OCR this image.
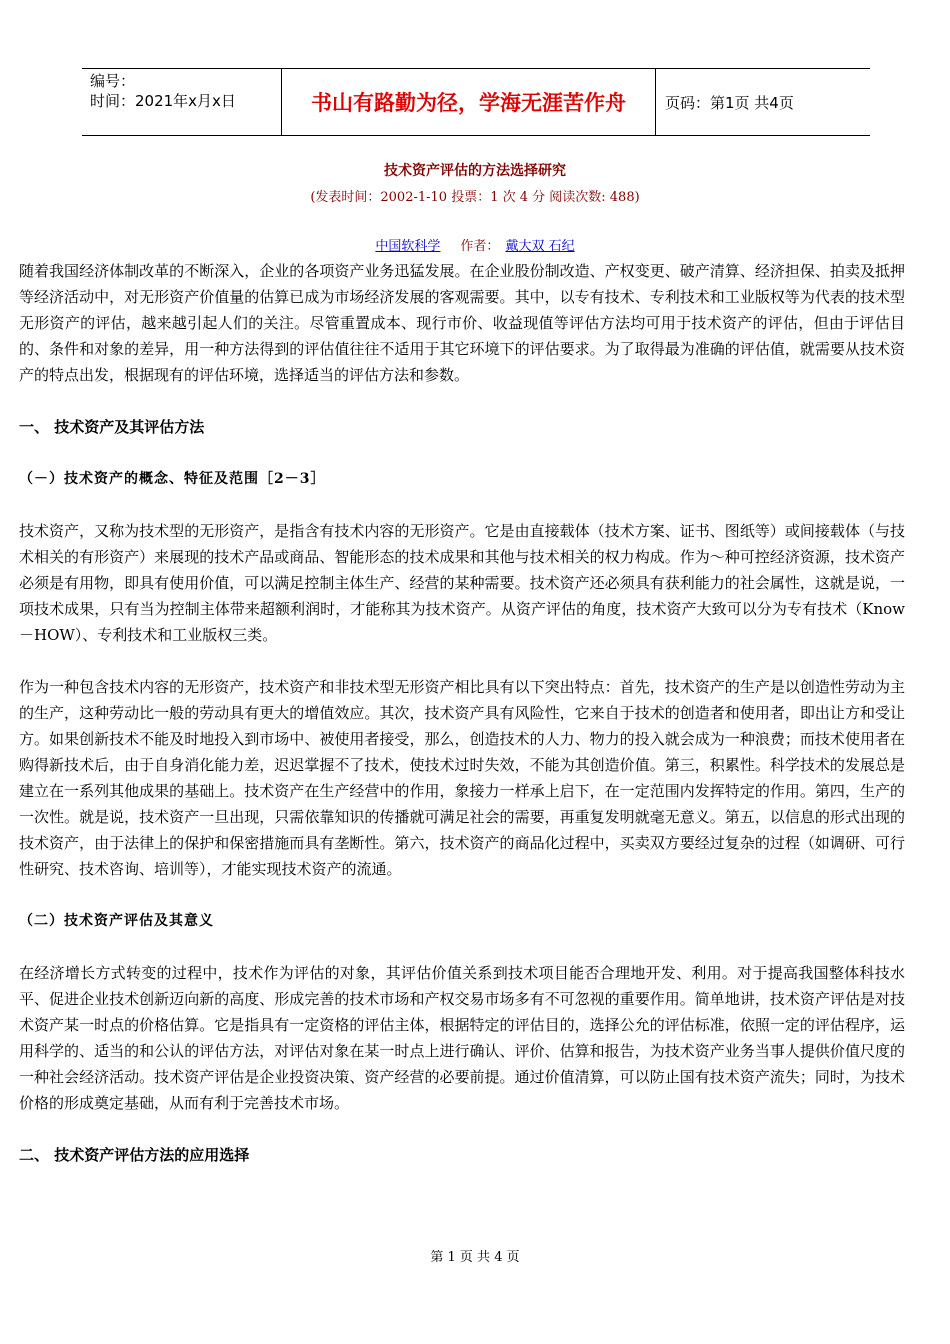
编号：
时间：2021年x月x日	书山有路勤为径，学海无涯苦作舟	页码：第1页 共4页
技术资产评估的方法选择研究
(发表时间：2002-1-10 投票：1 次 4 分 阅读次数: 488)
中国软科学 作者： 戴大双 石纪

随着我国经济体制改革的不断深入，企业的各项资产业务迅猛发展。在企业股份制改造、产权变更、破产清算、经济担保、拍卖及抵押等经济活动中，对无形资产价值量的估算已成为市场经济发展的客观需要。其中，以专有技术、专利技术和工业版权等为代表的技术型无形资产的评估，越来越引起人们的关注。尽管重置成本、现行市价、收益现值等评估方法均可用于技术资产的评估，但由于评估目的、条件和对象的差异，用一种方法得到的评估值往往不适用于其它环境下的评估要求。为了取得最为准确的评估值，就需要从技术资产的特点出发，根据现有的评估环境，选择适当的评估方法和参数。

一、 技术资产及其评估方法
（－）技术资产的概念、特征及范围［2－3］

技术资产，又称为技术型的无形资产，是指含有技术内容的无形资产。它是由直接载体（技术方案、证书、图纸等）或间接载体（与技术相关的有形资产）来展现的技术产品或商品、智能形态的技术成果和其他与技术相关的权力构成。作为～种可控经济资源，技术资产必须是有用物，即具有使用价值，可以满足控制主体生产、经营的某种需要。技术资产还必须具有获利能力的社会属性，这就是说，一项技术成果，只有当为控制主体带来超额利润时，才能称其为技术资产。从资产评估的角度，技术资产大致可以分为专有技术（Know－HOW）、专利技术和工业版权三类。

作为一种包含技术内容的无形资产，技术资产和非技术型无形资产相比具有以下突出特点：首先，技术资产的生产是以创造性劳动为主的生产，这种劳动比一般的劳动具有更大的增值效应。其次，技术资产具有风险性，它来自于技术的创造者和使用者，即出让方和受让方。如果创新技术不能及时地投入到市场中、被使用者接受，那么，创造技术的人力、物力的投入就会成为一种浪费；而技术使用者在购得新技术后，由于自身消化能力差，迟迟掌握不了技术，使技术过时失效，不能为其创造价值。第三，积累性。科学技术的发展总是建立在一系列其他成果的基础上。技术资产在生产经营中的作用，象接力一样承上启下，在一定范围内发挥特定的作用。第四，生产的一次性。就是说，技术资产一旦出现，只需依靠知识的传播就可满足社会的需要，再重复发明就毫无意义。第五，以信息的形式出现的技术资产，由于法律上的保护和保密措施而具有垄断性。第六，技术资产的商品化过程中，买卖双方要经过复杂的过程（如调研、可行性研究、技术咨询、培训等），才能实现技术资产的流通。

（二）技术资产评估及其意义

在经济增长方式转变的过程中，技术作为评估的对象，其评估价值关系到技术项目能否合理地开发、利用。对于提高我国整体科技水平、促进企业技术创新迈向新的高度、形成完善的技术市场和产权交易市场多有不可忽视的重要作用。简单地讲，技术资产评估是对技术资产某一时点的价格估算。它是指具有一定资格的评估主体，根据特定的评估目的，选择公允的评估标准，依照一定的评估程序，运用科学的、适当的和公认的评估方法，对评估对象在某一时点上进行确认、评价、估算和报告，为技术资产业务当事人提供价值尺度的一种社会经济活动。技术资产评估是企业投资决策、资产经营的必要前提。通过价值清算，可以防止国有技术资产流失；同时，为技术价格的形成奠定基础，从而有利于完善技术市场。

二、 技术资产评估方法的应用选择
第 1 页 共 4 页
